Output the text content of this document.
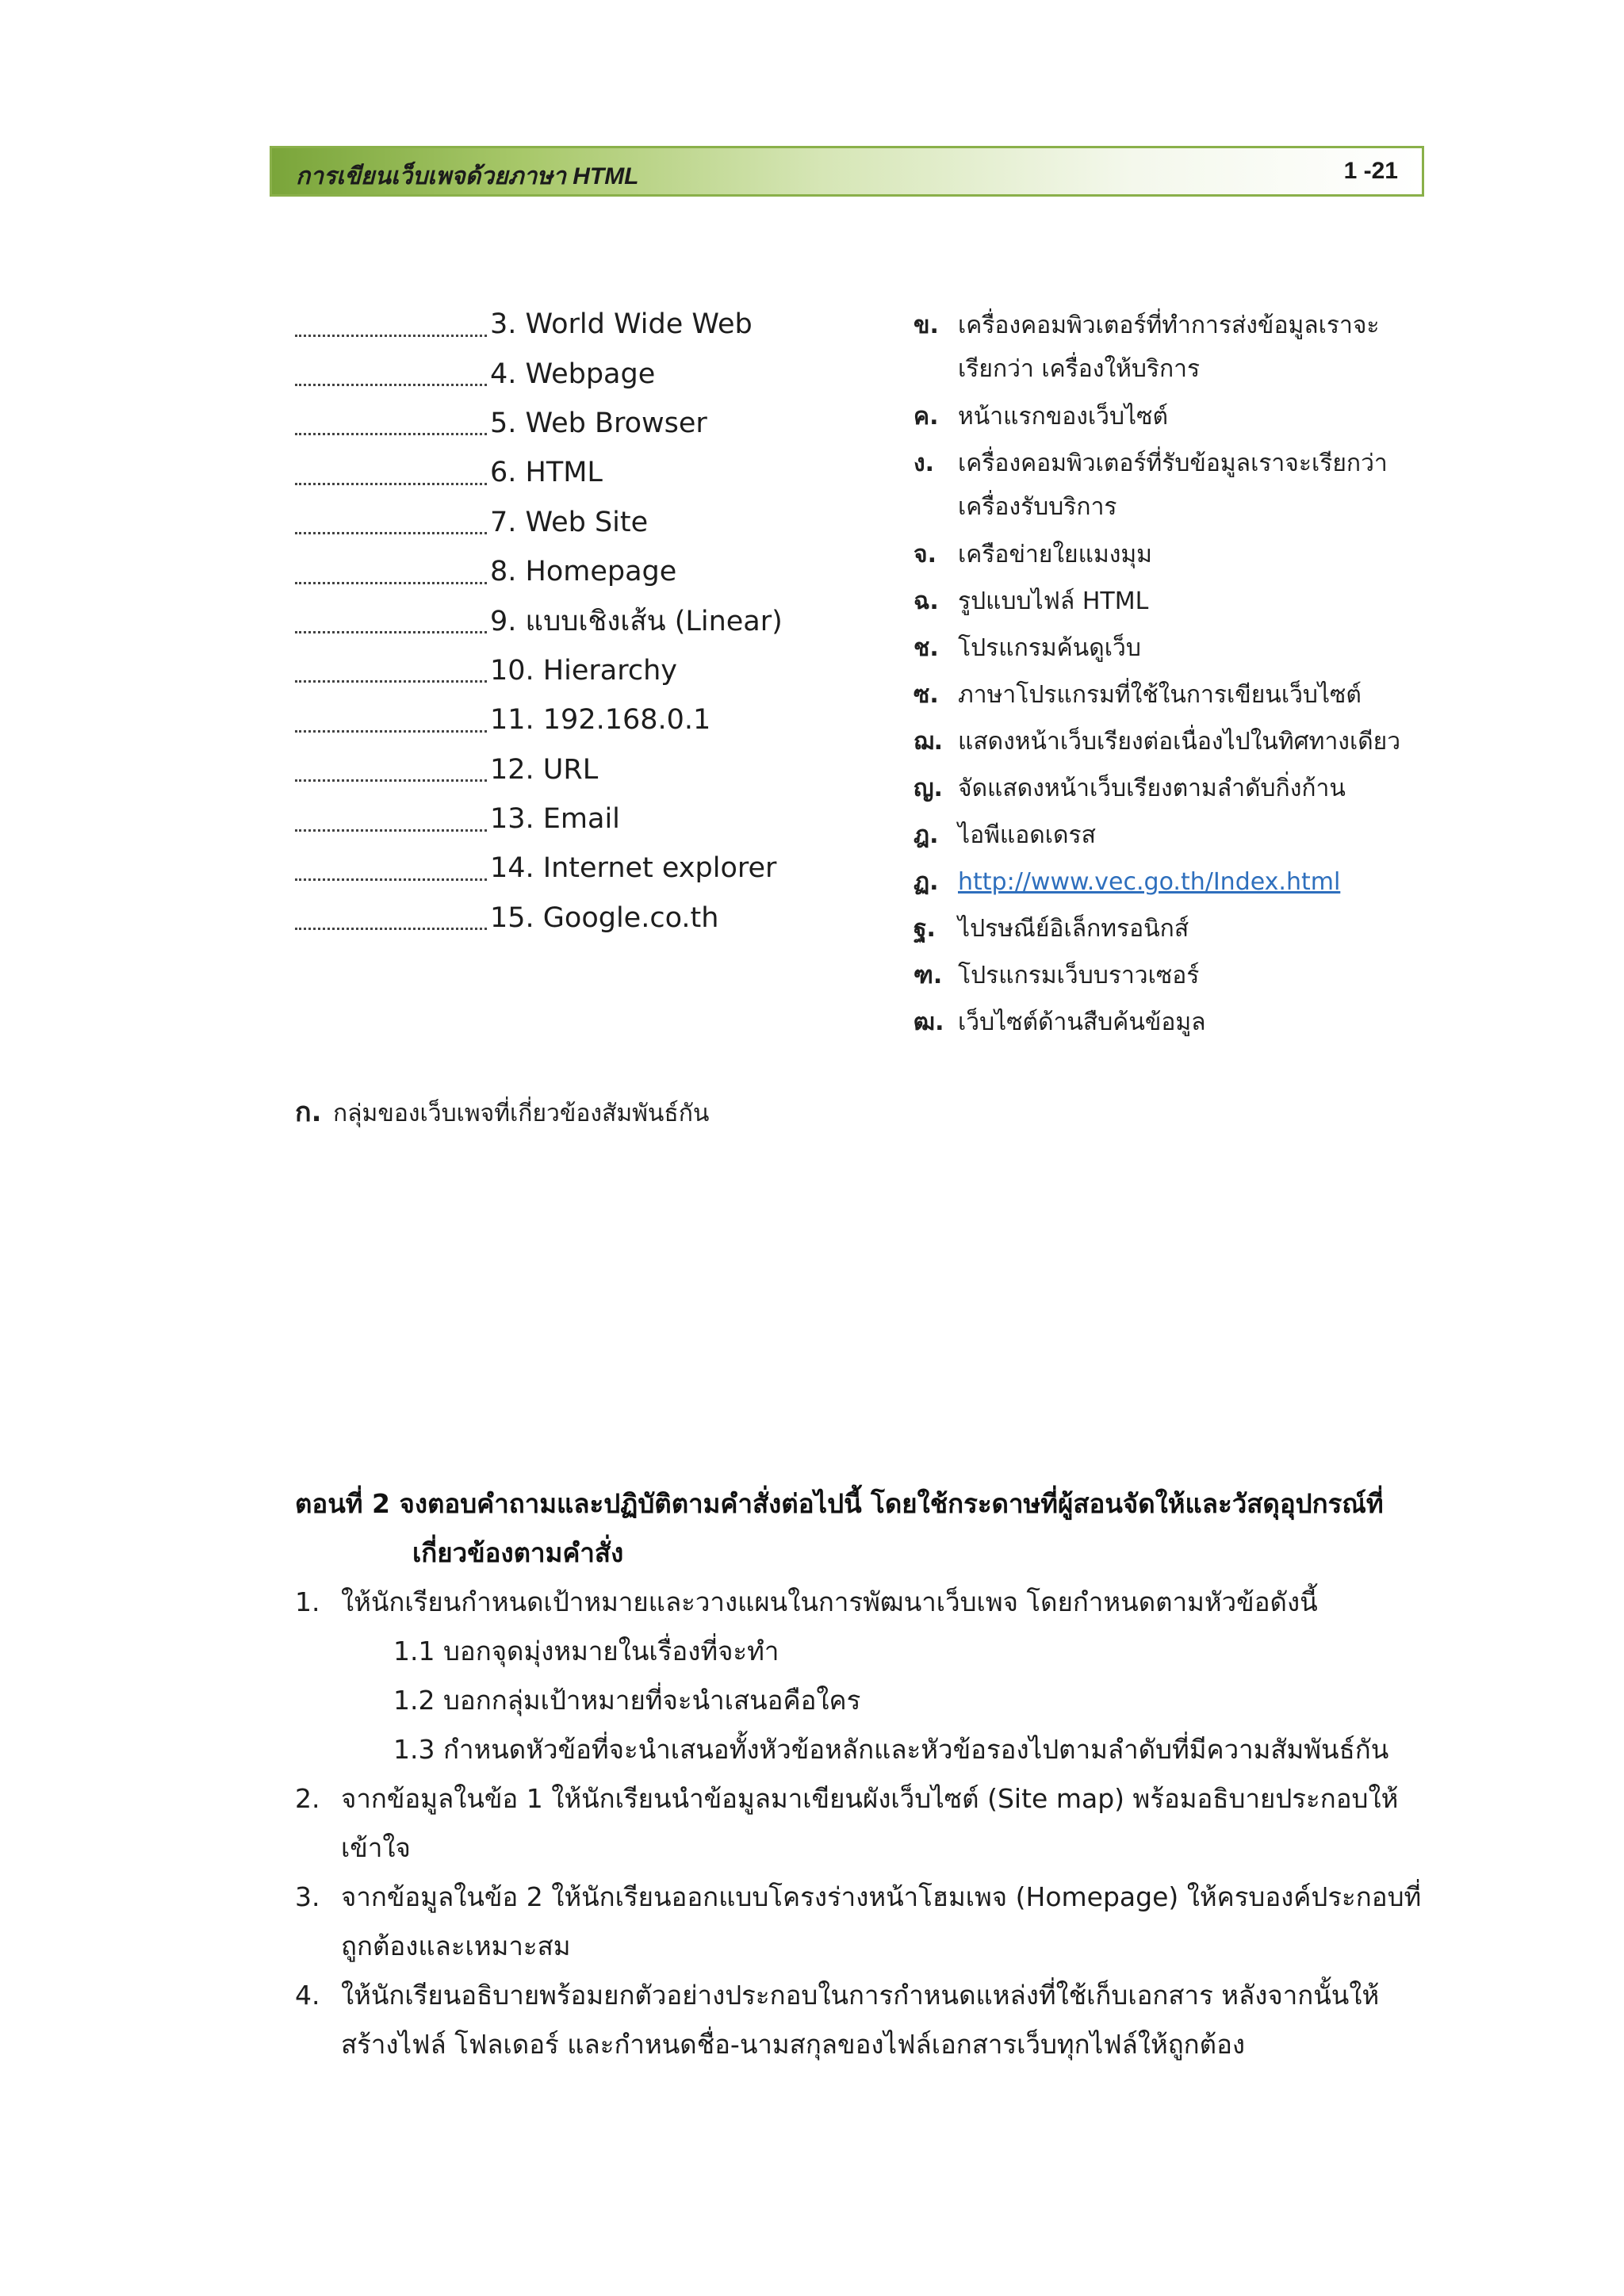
การเขียนเว็บเพจด้วยภาษา HTML	1 -21
3. World Wide Web
4. Webpage
5. Web Browser
6. HTML
7. Web Site
8. Homepage
9. แบบเชิงเส้น (Linear)
10. Hierarchy
11. 192.168.0.1
12. URL
13. Email
14. Internet explorer
15. Google.co.th
ข. เครื่องคอมพิวเตอร์ที่ทำการส่งข้อมูลเราจะ
เรียกว่า เครื่องให้บริการ
ค. หน้าแรกของเว็บไซต์
ง. เครื่องคอมพิวเตอร์ที่รับข้อมูลเราจะเรียกว่า
เครื่องรับบริการ
จ. เครือข่ายใยแมงมุม
ฉ. รูปแบบไฟล์ HTML
ช. โปรแกรมค้นดูเว็บ
ซ. ภาษาโปรแกรมที่ใช้ในการเขียนเว็บไซต์
ฌ. แสดงหน้าเว็บเรียงต่อเนื่องไปในทิศทางเดียว
ญ. จัดแสดงหน้าเว็บเรียงตามลำดับกิ่งก้าน
ฎ. ไอพีแอดเดรส
ฏ. http://www.vec.go.th/Index.html
ฐ. ไปรษณีย์อิเล็กทรอนิกส์
ฑ. โปรแกรมเว็บบราวเซอร์
ฒ. เว็บไซต์ด้านสืบค้นข้อมูล
ก. กลุ่มของเว็บเพจที่เกี่ยวข้องสัมพันธ์กัน
ตอนที่ 2 จงตอบคำถามและปฏิบัติตามคำสั่งต่อไปนี้ โดยใช้กระดาษที่ผู้สอนจัดให้และวัสดุอุปกรณ์ที่
เกี่ยวข้องตามคำสั่ง
1. ให้นักเรียนกำหนดเป้าหมายและวางแผนในการพัฒนาเว็บเพจ โดยกำหนดตามหัวข้อดังนี้
1.1 บอกจุดมุ่งหมายในเรื่องที่จะทำ
1.2 บอกกลุ่มเป้าหมายที่จะนำเสนอคือใคร
1.3 กำหนดหัวข้อที่จะนำเสนอทั้งหัวข้อหลักและหัวข้อรองไปตามลำดับที่มีความสัมพันธ์กัน
2. จากข้อมูลในข้อ 1 ให้นักเรียนนำข้อมูลมาเขียนผังเว็บไซต์ (Site map) พร้อมอธิบายประกอบให้
เข้าใจ
3. จากข้อมูลในข้อ 2 ให้นักเรียนออกแบบโครงร่างหน้าโฮมเพจ (Homepage) ให้ครบองค์ประกอบที่
ถูกต้องและเหมาะสม
4. ให้นักเรียนอธิบายพร้อมยกตัวอย่างประกอบในการกำหนดแหล่งที่ใช้เก็บเอกสาร หลังจากนั้นให้
สร้างไฟล์ โฟลเดอร์ และกำหนดชื่อ-นามสกุลของไฟล์เอกสารเว็บทุกไฟล์ให้ถูกต้อง
